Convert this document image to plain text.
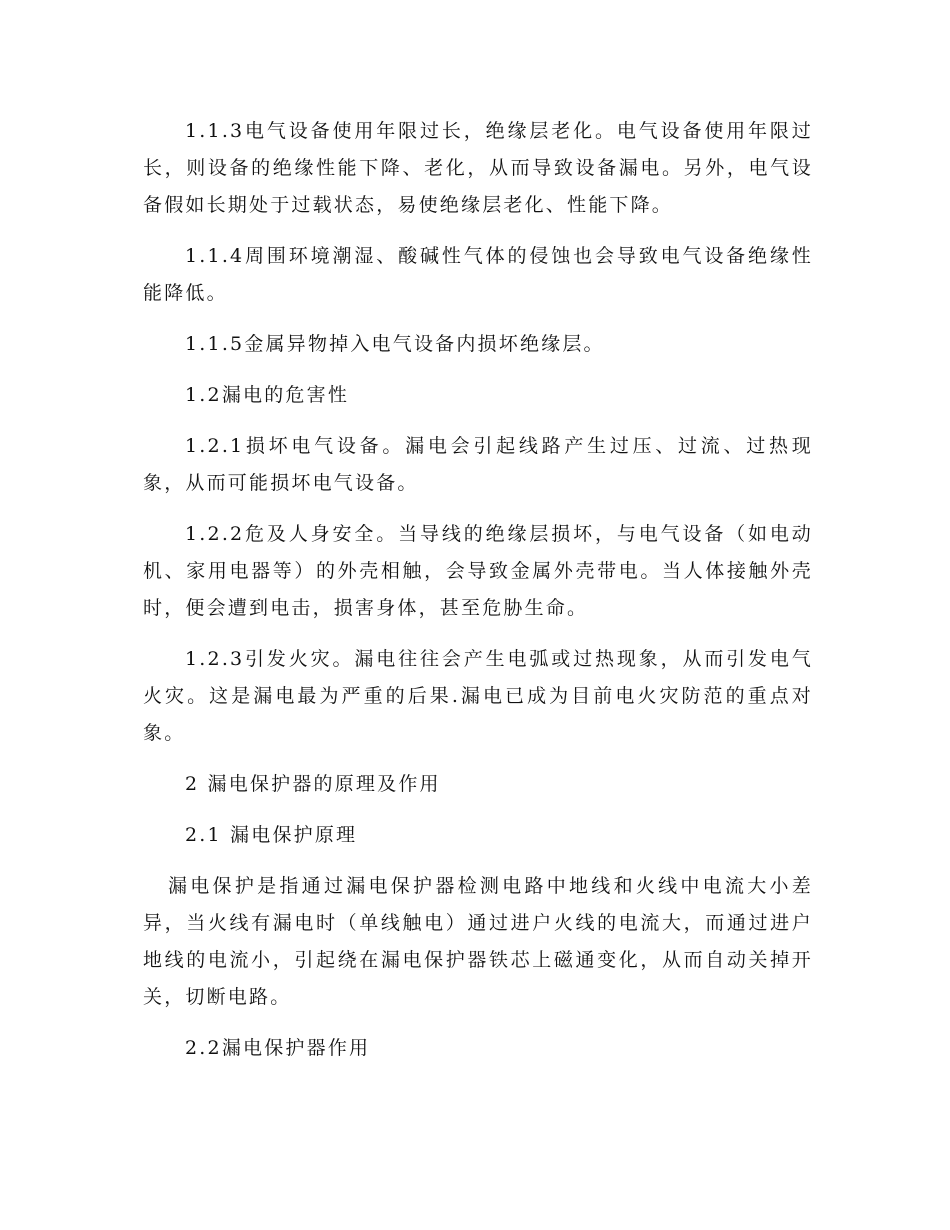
1.1.3电气设备使用年限过长，绝缘层老化。电气设备使用年限过长，则设备的绝缘性能下降、老化，从而导致设备漏电。另外，电气设备假如长期处于过载状态，易使绝缘层老化、性能下降。

1.1.4周围环境潮湿、酸碱性气体的侵蚀也会导致电气设备绝缘性能降低。

1.1.5金属异物掉入电气设备内损坏绝缘层。

1.2漏电的危害性

1.2.1损坏电气设备。漏电会引起线路产生过压、过流、过热现象，从而可能损坏电气设备。

1.2.2危及人身安全。当导线的绝缘层损坏，与电气设备（如电动机、家用电器等）的外壳相触，会导致金属外壳带电。当人体接触外壳时，便会遭到电击，损害身体，甚至危胁生命。

1.2.3引发火灾。漏电往往会产生电弧或过热现象，从而引发电气火灾。这是漏电最为严重的后果.漏电已成为目前电火灾防范的重点对象。

2 漏电保护器的原理及作用

2.1 漏电保护原理

漏电保护是指通过漏电保护器检测电路中地线和火线中电流大小差异，当火线有漏电时（单线触电）通过进户火线的电流大，而通过进户地线的电流小，引起绕在漏电保护器铁芯上磁通变化，从而自动关掉开关，切断电路。

2.2漏电保护器作用
